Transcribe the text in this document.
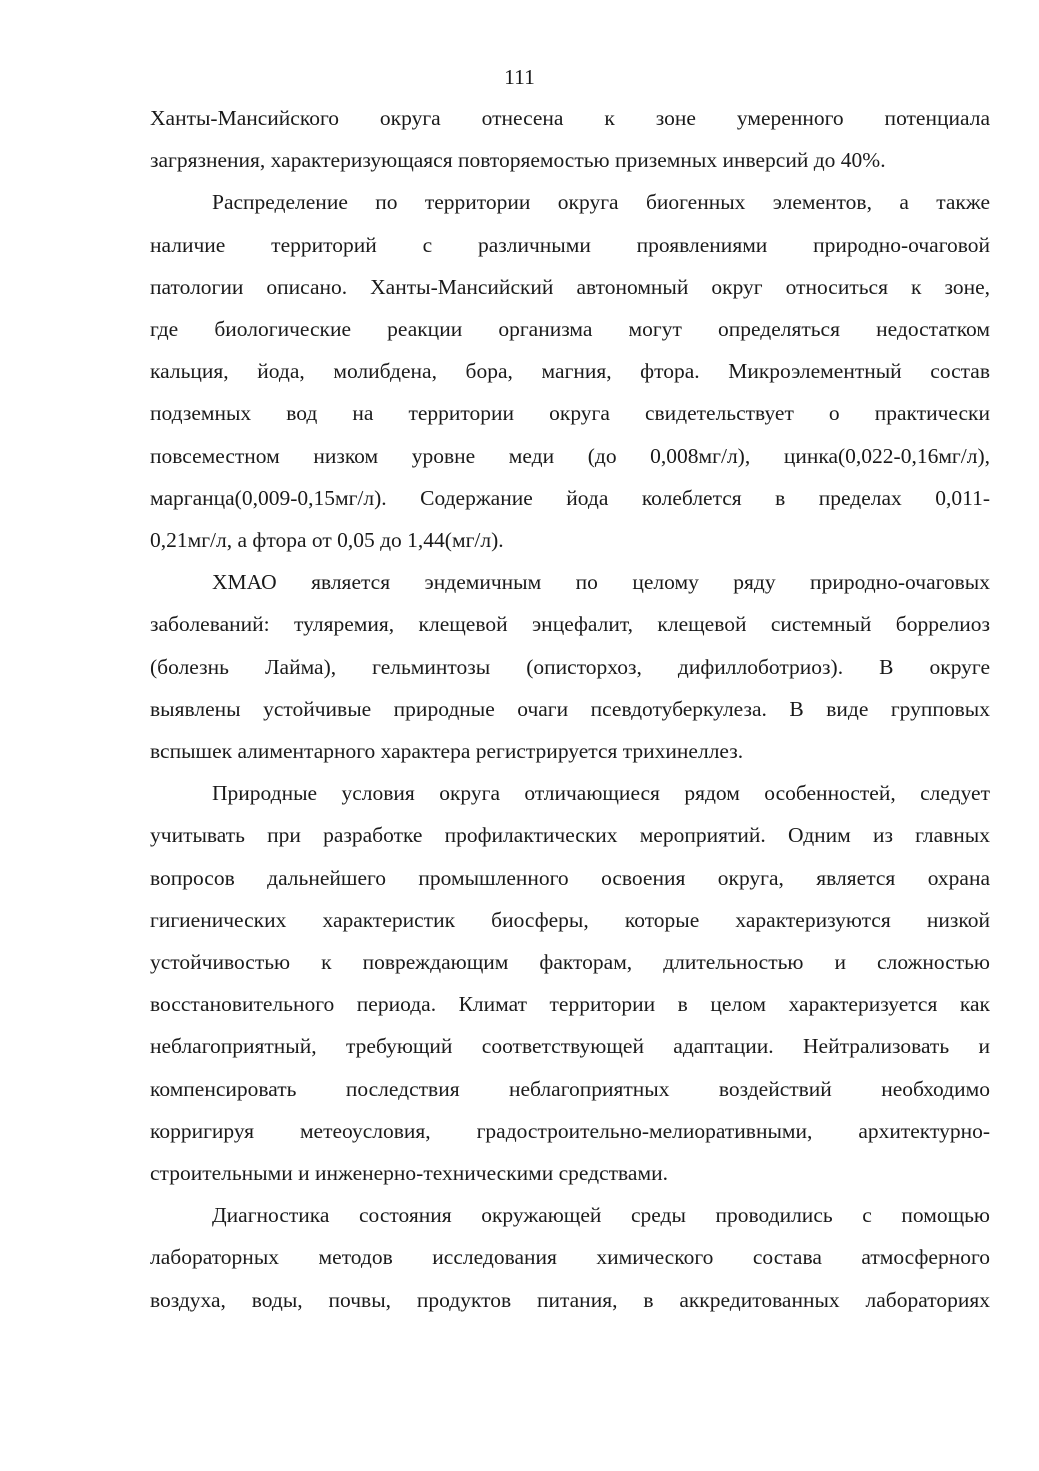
111
Ханты-Мансийского округа отнесена к зоне умеренного потенциала
загрязнения, характеризующаяся повторяемостью приземных инверсий до 40%.
Распределение по территории округа биогенных элементов, а также
наличие территорий с различными проявлениями природно-очаговой
патологии описано. Ханты-Мансийский автономный округ относиться к зоне,
где биологические реакции организма могут определяться недостатком
кальция, йода, молибдена, бора, магния, фтора. Микроэлементный состав
подземных вод на территории округа свидетельствует о практически
повсеместном низком уровне меди (до 0,008мг/л), цинка(0,022-0,16мг/л),
марганца(0,009-0,15мг/л). Содержание йода колеблется в пределах 0,011-
0,21мг/л, а фтора от 0,05 до 1,44(мг/л).
ХМАО является эндемичным по целому ряду природно-очаговых
заболеваний: туляремия, клещевой энцефалит, клещевой системный боррелиоз
(болезнь Лайма), гельминтозы (описторхоз, дифиллоботриоз). В округе
выявлены устойчивые природные очаги псевдотуберкулеза. В виде групповых
вспышек алиментарного характера регистрируется трихинеллез.
Природные условия округа отличающиеся рядом особенностей, следует
учитывать при разработке профилактических мероприятий. Одним из главных
вопросов дальнейшего промышленного освоения округа, является охрана
гигиенических характеристик биосферы, которые характеризуются низкой
устойчивостью к повреждающим факторам, длительностью и сложностью
восстановительного периода. Климат территории в целом характеризуется как
неблагоприятный, требующий соответствующей адаптации. Нейтрализовать и
компенсировать последствия неблагоприятных воздействий необходимо
корригируя метеоусловия, градостроительно-мелиоративными, архитектурно-
строительными и инженерно-техническими средствами.
Диагностика состояния окружающей среды проводились с помощью
лабораторных методов исследования химического состава атмосферного
воздуха, воды, почвы, продуктов питания, в аккредитованных лабораториях
